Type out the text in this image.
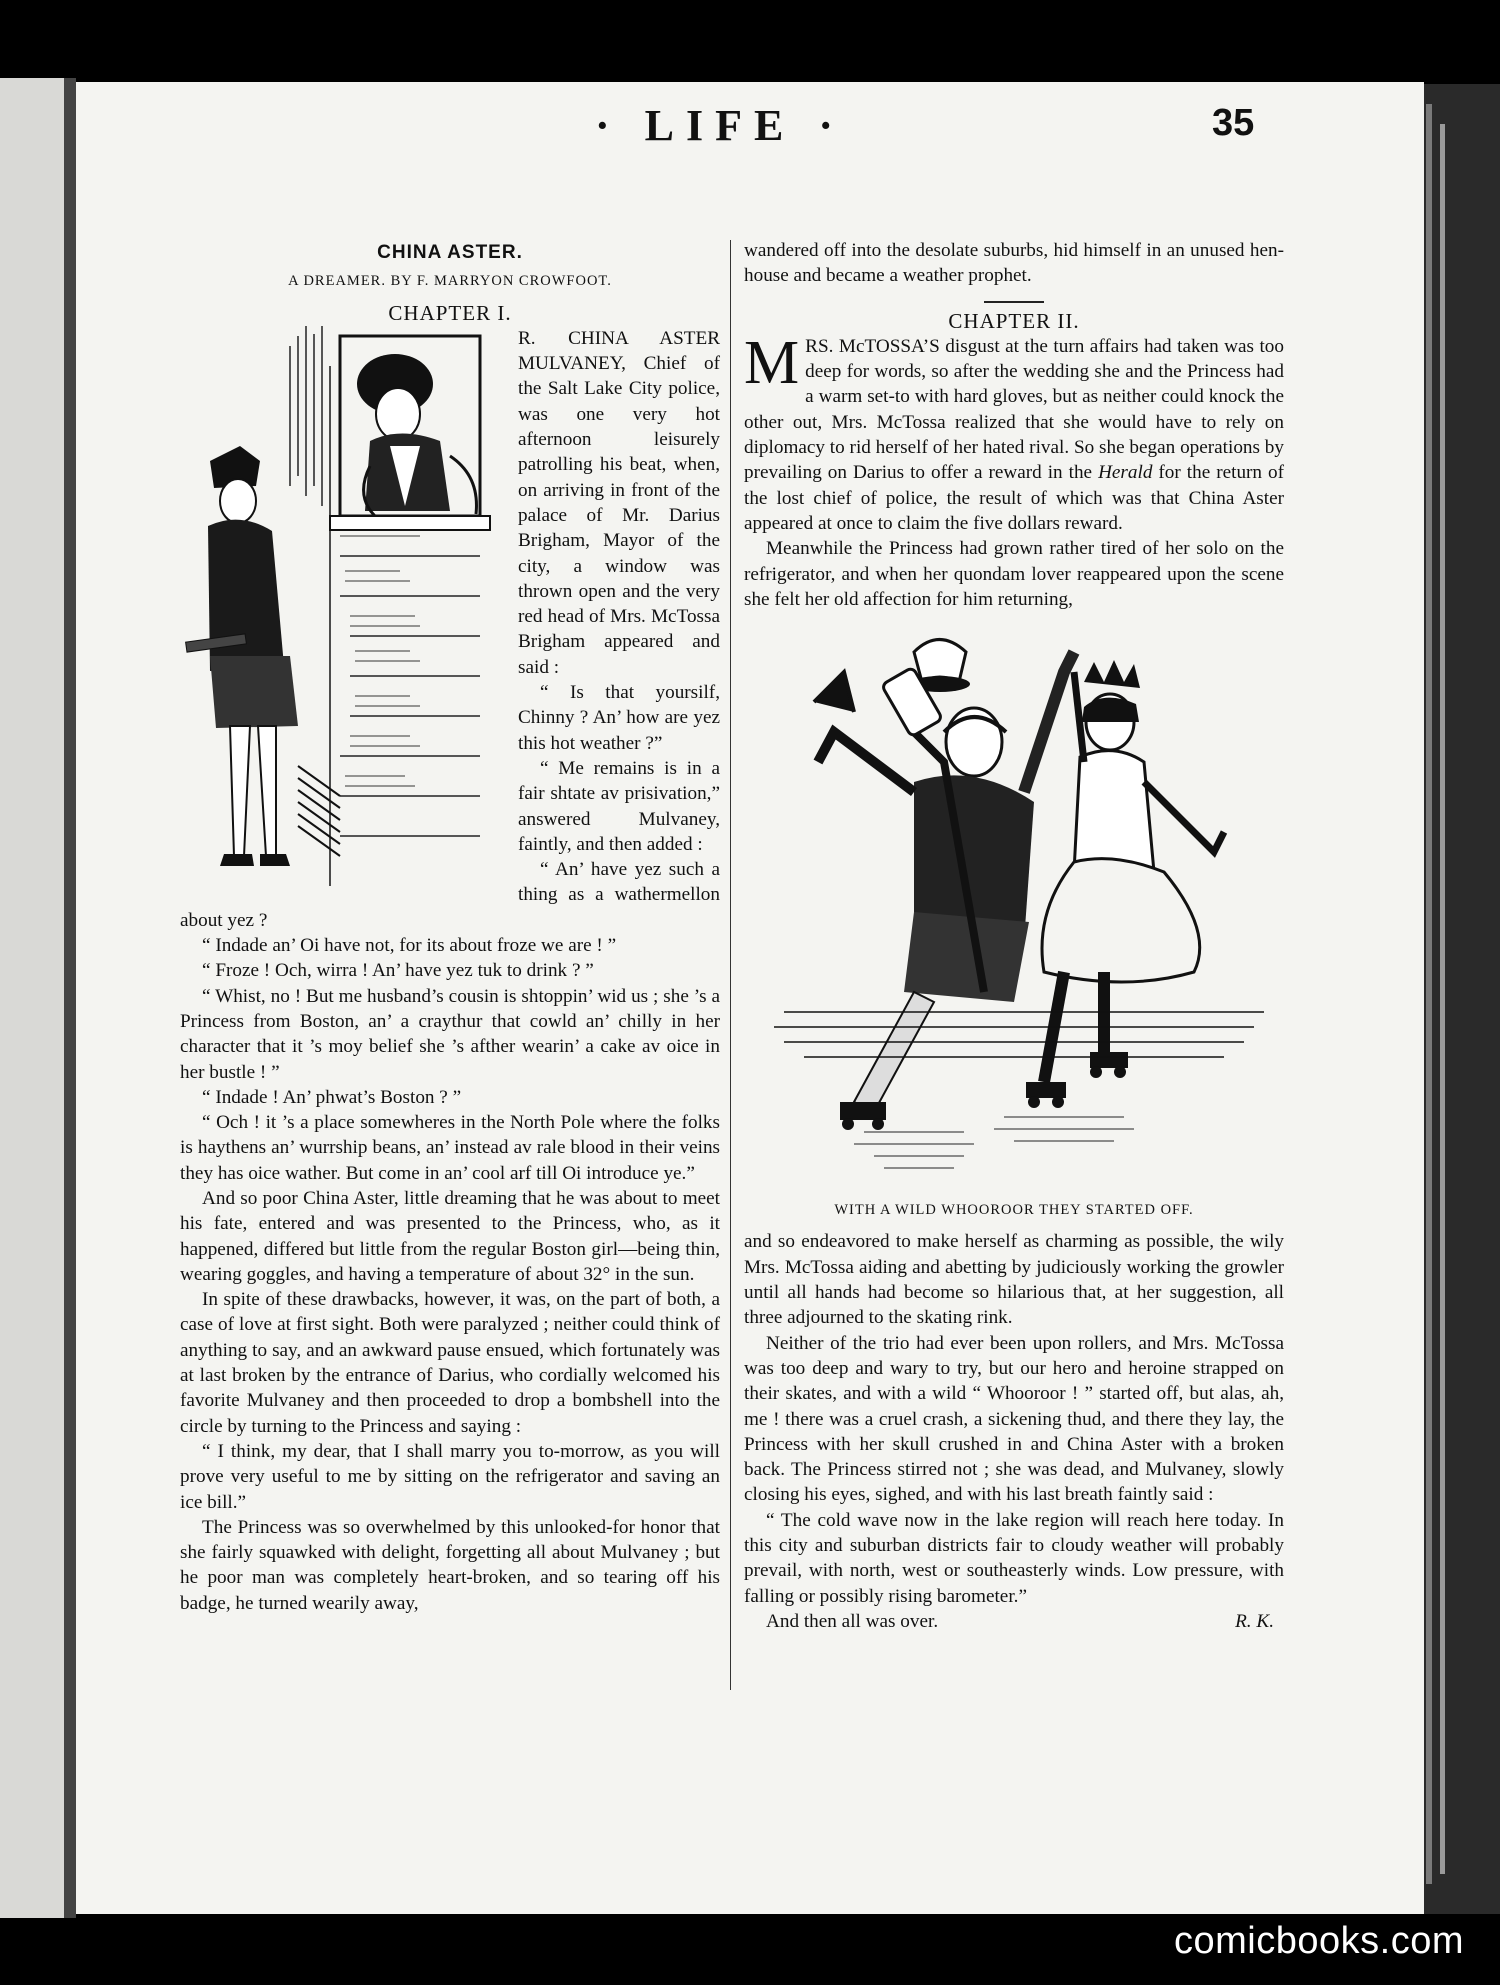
· LIFE ·	35
CHINA ASTER.
A DREAMER. BY F. MARRYON CROWFOOT.
CHAPTER I.

R. CHINA ASTER MULVANEY, Chief of the Salt Lake City police, was one very hot afternoon leisurely patrolling his beat, when, on arriving in front of the palace of Mr. Darius Brigham, Mayor of the city, a window was thrown open and the very red head of Mrs. McTossa Brigham appeared and said :

“ Is that yoursilf, Chinny ? An’ how are yez this hot weather ?”

“ Me remains is in a fair shtate av prisivation,” answered Mulvaney, faintly, and then added :

“ An’ have yez such a thing as a wathermellon about yez ?

“ Indade an’ Oi have not, for its about froze we are ! ”

“ Froze ! Och, wirra ! An’ have yez tuk to drink ? ”

“ Whist, no ! But me husband’s cousin is shtoppin’ wid us ; she ’s a Princess from Boston, an’ a craythur that cowld an’ chilly in her character that it ’s moy belief she ’s afther wearin’ a cake av oice in her bustle ! ”

“ Indade ! An’ phwat’s Boston ? ”

“ Och ! it ’s a place somewheres in the North Pole where the folks is haythens an’ wurrship beans, an’ instead av rale blood in their veins they has oice wather. But come in an’ cool arf till Oi introduce ye.”

And so poor China Aster, little dreaming that he was about to meet his fate, entered and was presented to the Princess, who, as it happened, differed but little from the regular Boston girl—being thin, wearing goggles, and having a temperature of about 32° in the sun.

In spite of these drawbacks, however, it was, on the part of both, a case of love at first sight. Both were paralyzed ; neither could think of anything to say, and an awkward pause ensued, which fortunately was at last broken by the entrance of Darius, who cordially welcomed his favorite Mulvaney and then proceeded to drop a bombshell into the circle by turning to the Princess and saying :

“ I think, my dear, that I shall marry you to-morrow, as you will prove very useful to me by sitting on the refrigerator and saving an ice bill.”

The Princess was so overwhelmed by this unlooked-for honor that she fairly squawked with delight, forgetting all about Mulvaney ; but he poor man was completely heart-broken, and so tearing off his badge, he turned wearily away,

wandered off into the desolate suburbs, hid himself in an unused hen-house and became a weather prophet.

CHAPTER II.

MRS. McTOSSA’S disgust at the turn affairs had taken was too deep for words, so after the wedding she and the Princess had a warm set-to with hard gloves, but as neither could knock the other out, Mrs. McTossa realized that she would have to rely on diplomacy to rid herself of her hated rival. So she began operations by prevailing on Darius to offer a reward in the Herald for the return of the lost chief of police, the result of which was that China Aster appeared at once to claim the five dollars reward.

Meanwhile the Princess had grown rather tired of her solo on the refrigerator, and when her quondam lover reappeared upon the scene she felt her old affection for him returning,

WITH A WILD WHOOROOR THEY STARTED OFF.

and so endeavored to make herself as charming as possible, the wily Mrs. McTossa aiding and abetting by judiciously working the growler until all hands had become so hilarious that, at her suggestion, all three adjourned to the skating rink.

Neither of the trio had ever been upon rollers, and Mrs. McTossa was too deep and wary to try, but our hero and heroine strapped on their skates, and with a wild “ Whooroor ! ” started off, but alas, ah, me ! there was a cruel crash, a sickening thud, and there they lay, the Princess with her skull crushed in and China Aster with a broken back. The Princess stirred not ; she was dead, and Mulvaney, slowly closing his eyes, sighed, and with his last breath faintly said :

“ The cold wave now in the lake region will reach here today. In this city and suburban districts fair to cloudy weather will probably prevail, with north, west or southeasterly winds. Low pressure, with falling or possibly rising barometer.”

And then all was over.	R. K.

comicbooks.com
